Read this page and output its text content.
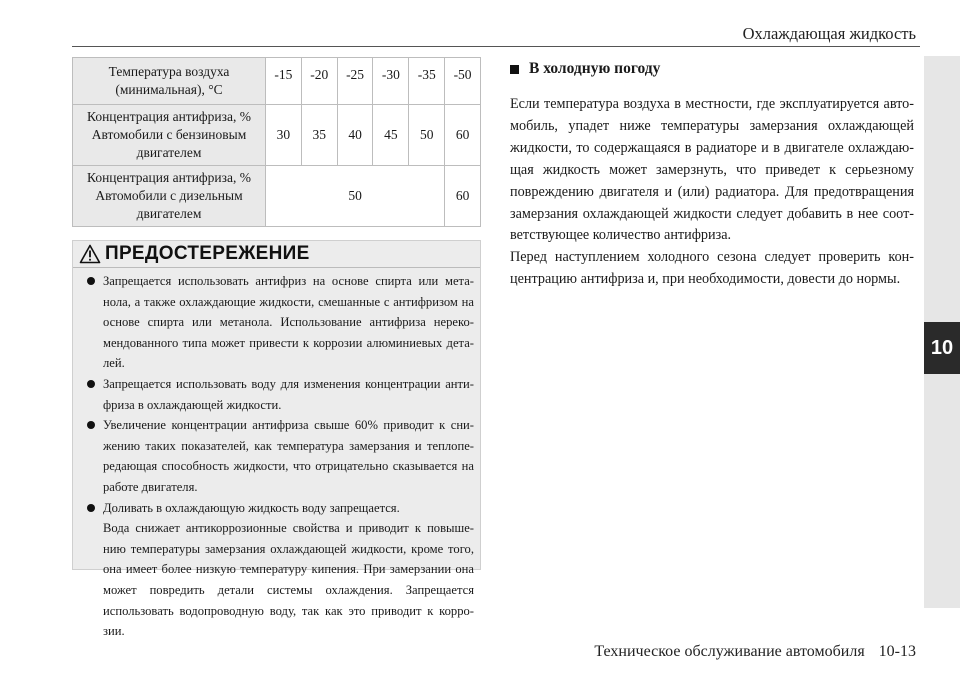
Охлаждающая жидкость
10
Температура воздуха (минимальная), °C	-15	-20	-25	-30	-35	-50
Концентрация антифриза, % Автомобили с бензиновым двигателем	30	35	40	45	50	60
Концентрация антифриза, % Автомобили с дизельным двигателем	50					60
ПРЕДОСТЕРЕЖЕНИЕ
Запрещается использовать антифриз на основе спирта или мета-нола, а также охлаждающие жидкости, смешанные с антифризом на основе спирта или метанола. Использование антифриза нереко-мендованного типа может привести к коррозии алюминиевых дета-лей.
Запрещается использовать воду для изменения концентрации анти-фриза в охлаждающей жидкости.
Увеличение концентрации антифриза свыше 60% приводит к сни-жению таких показателей, как температура замерзания и теплопе-редающая способность жидкости, что отрицательно сказывается на работе двигателя.
Доливать в охлаждающую жидкость воду запрещается.
Вода снижает антикоррозионные свойства и приводит к повыше-нию температуры замерзания охлаждающей жидкости, кроме того, она имеет более низкую температуру кипения. При замерзании она может повредить детали системы охлаждения. Запрещается использовать водопроводную воду, так как это приводит к корро-зии.
В холодную погоду

Если температура воздуха в местности, где эксплуатируется авто-мобиль, упадет ниже температуры замерзания охлаждающей жидкости, то содержащаяся в радиаторе и в двигателе охлаждаю-щая жидкость может замерзнуть, что приведет к серьезному повреждению двигателя и (или) радиатора. Для предотвращения замерзания охлаждающей жидкости следует добавить в нее соот-ветствующее количество антифриза.

Перед наступлением холодного сезона следует проверить кон-центрацию антифриза и, при необходимости, довести до нормы.

Техническое обслуживание автомобиля 10-13
